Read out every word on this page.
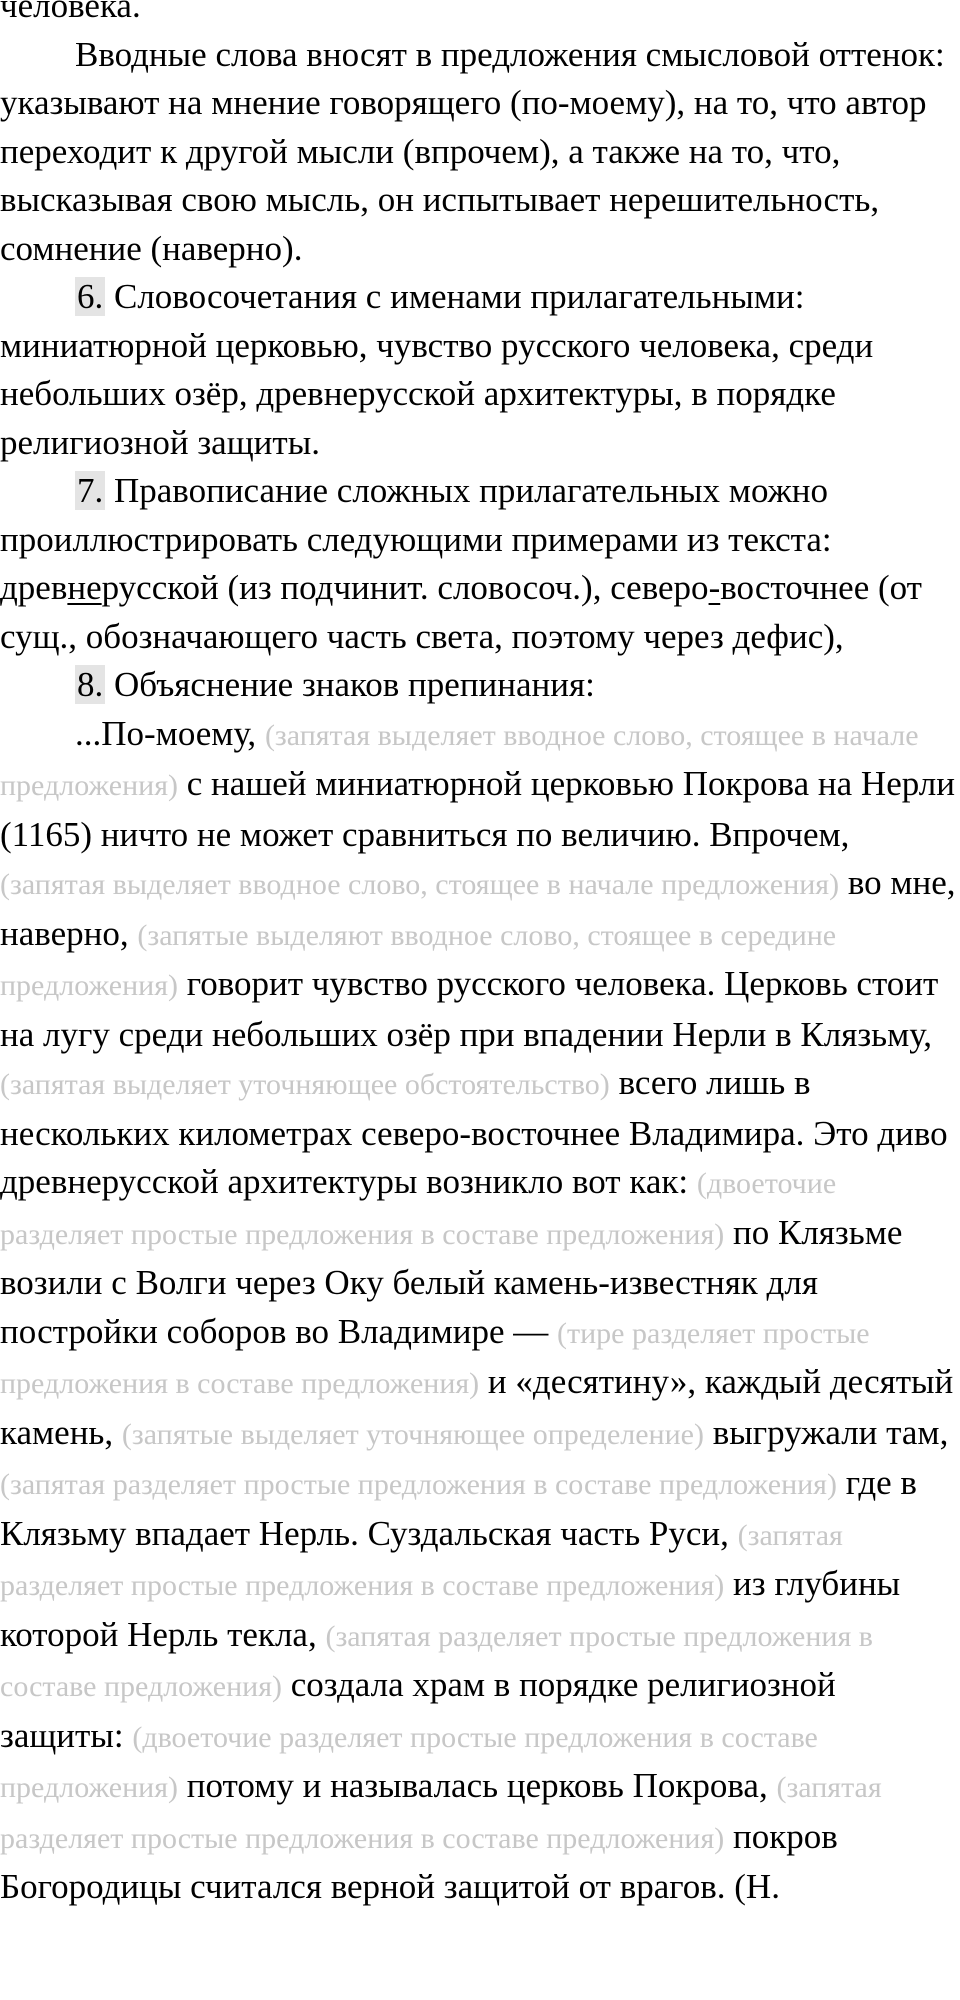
человека.

Вводные слова вносят в предложения смысловой оттенок: указывают на мнение говорящего (по-моему), на то, что автор переходит к другой мысли (впрочем), а также на то, что, высказывая свою мысль, он испытывает нерешительность, сомнение (наверно).

6. Словосочетания с именами прилагательными: миниатюрной церковью, чувство русского человека, среди небольших озёр, древнерусской архитектуры, в порядке религиозной защиты.

7. Правописание сложных прилагательных можно проиллюстрировать следующими примерами из текста: древнерусской (из подчинит. словосоч.), северо-восточнее (от сущ., обозначающего часть света, поэтому через дефис),

8. Объяснение знаков препинания:

...По-моему, (запятая выделяет вводное слово, стоящее в начале предложения) с нашей миниатюрной церковью Покрова на Нерли (1165) ничто не может сравниться по величию. Впрочем, (запятая выделяет вводное слово, стоящее в начале предложения) во мне, наверно, (запятые выделяют вводное слово, стоящее в середине предложения) говорит чувство русского человека. Церковь стоит на лугу среди небольших озёр при впадении Нерли в Клязьму, (запятая выделяет уточняющее обстоятельство) всего лишь в нескольких километрах северо-восточнее Владимира. Это диво древнерусской архитектуры возникло вот как: (двоеточие разделяет простые предложения в составе предложения) по Клязьме возили с Волги через Оку белый камень-известняк для постройки соборов во Владимире — (тире разделяет простые предложения в составе предложения) и «десятину», каждый десятый камень, (запятые выделяет уточняющее определение) выгружали там, (запятая разделяет простые предложения в составе предложения) где в Клязьму впадает Нерль. Суздальская часть Руси, (запятая разделяет простые предложения в составе предложения) из глубины которой Нерль текла, (запятая разделяет простые предложения в составе предложения) создала храм в порядке религиозной защиты: (двоеточие разделяет простые предложения в составе предложения) потому и называлась церковь Покрова, (запятая разделяет простые предложения в составе предложения) покров Богородицы считался верной защитой от врагов. (Н.
